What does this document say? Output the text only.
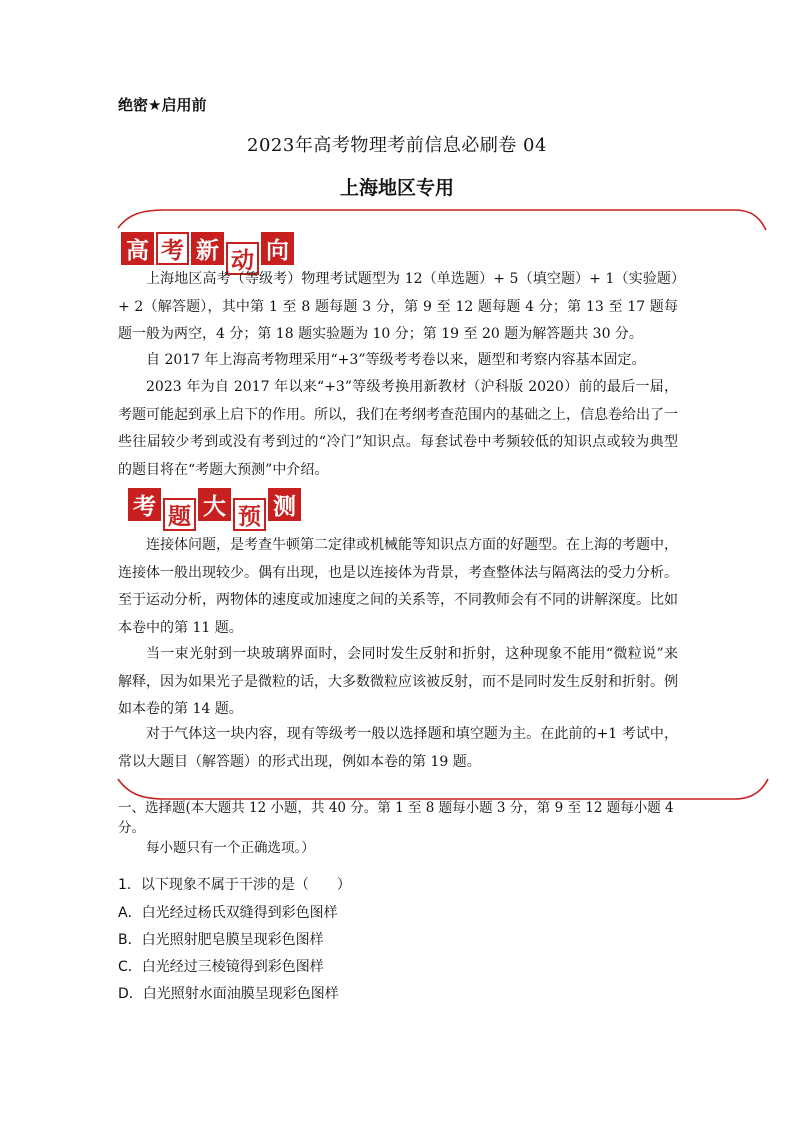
绝密★启用前
2023年高考物理考前信息必刷卷 04
上海地区专用
高 考 新 动 向

上海地区高考（等级考）物理考试题型为 12（单选题）+ 5（填空题）+ 1（实验题）+ 2（解答题），其中第 1 至 8 题每题 3 分，第 9 至 12 题每题 4 分；第 13 至 17 题每题一般为两空，4 分；第 18 题实验题为 10 分；第 19 至 20 题为解答题共 30 分。

自 2017 年上海高考物理采用“+3”等级考考卷以来，题型和考察内容基本固定。

2023 年为自 2017 年以来“+3”等级考换用新教材（沪科版 2020）前的最后一届，考题可能起到承上启下的作用。所以，我们在考纲考查范围内的基础之上，信息卷给出了一些往届较少考到或没有考到过的“冷门”知识点。每套试卷中考频较低的知识点或较为典型的题目将在“考题大预测”中介绍。

考 题 大 预 测

连接体问题，是考查牛顿第二定律或机械能等知识点方面的好题型。在上海的考题中，连接体一般出现较少。偶有出现，也是以连接体为背景，考查整体法与隔离法的受力分析。至于运动分析，两物体的速度或加速度之间的关系等，不同教师会有不同的讲解深度。比如本卷中的第 11 题。

当一束光射到一块玻璃界面时，会同时发生反射和折射，这种现象不能用“微粒说”来解释，因为如果光子是微粒的话，大多数微粒应该被反射，而不是同时发生反射和折射。例如本卷的第 14 题。

对于气体这一块内容，现有等级考一般以选择题和填空题为主。在此前的+1 考试中，常以大题目（解答题）的形式出现，例如本卷的第 19 题。

一、选择题(本大题共 12 小题，共 40 分。第 1 至 8 题每小题 3 分，第 9 至 12 题每小题 4 分。
每小题只有一个正确选项。）
1．以下现象不属于干涉的是（　　）
A．白光经过杨氏双缝得到彩色图样
B．白光照射肥皂膜呈现彩色图样
C．白光经过三棱镜得到彩色图样
D．白光照射水面油膜呈现彩色图样
